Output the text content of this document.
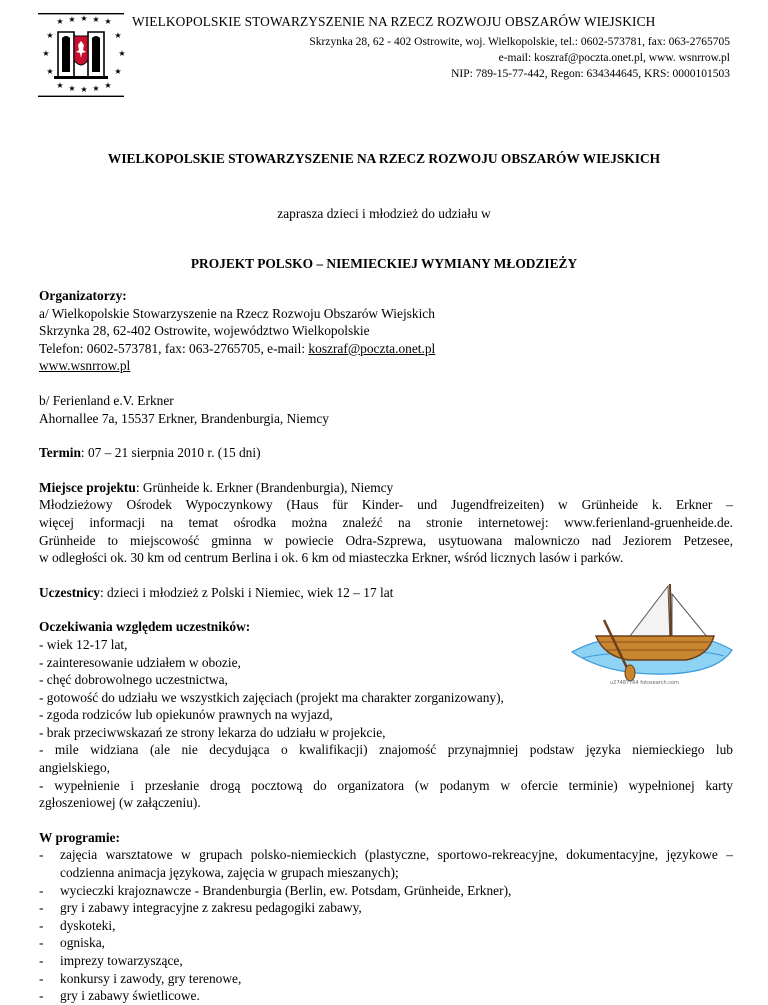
★ ★ ★ ★ ★
★	★
★	★
★	★
★ ★ ★ ★ ★
WIELKOPOLSKIE STOWARZYSZENIE NA RZECZ ROZWOJU OBSZARÓW WIEJSKICH
Skrzynka 28, 62 - 402 Ostrowite, woj. Wielkopolskie, tel.: 0602-573781, fax: 063-2765705
e-mail: koszraf@poczta.onet.pl, www. wsnrrow.pl
NIP: 789-15-77-442, Regon: 634344645, KRS: 0000101503
WIELKOPOLSKIE STOWARZYSZENIE NA RZECZ ROZWOJU OBSZARÓW WIEJSKICH
zaprasza dzieci i młodzież do udziału w
PROJEKT POLSKO – NIEMIECKIEJ WYMIANY MŁODZIEŻY

Organizatorzy:

a/ Wielkopolskie Stowarzyszenie na Rzecz Rozwoju Obszarów Wiejskich

Skrzynka 28, 62-402 Ostrowite, województwo Wielkopolskie

Telefon: 0602-573781, fax: 063-2765705, e-mail: koszraf@poczta.onet.pl

www.wsnrrow.pl

b/ Ferienland e.V. Erkner

Ahornallee 7a, 15537 Erkner, Brandenburgia, Niemcy

Termin: 07 – 21 sierpnia 2010 r. (15 dni)

Miejsce projektu: Grünheide k. Erkner (Brandenburgia), Niemcy

Młodzieżowy Ośrodek Wypoczynkowy (Haus für Kinder- und Jugendfreizeiten) w Grünheide k. Erkner –

więcej informacji na temat ośrodka można znaleźć na stronie internetowej: www.ferienland-gruenheide.de.

Grünheide to miejscowość gminna w powiecie Odra-Szprewa, usytuowana malowniczo nad Jeziorem Petzesee,

w odległości ok. 30 km od centrum Berlina i ok. 6 km od miasteczka Erkner, wśród licznych lasów i parków.

Uczestnicy: dzieci i młodzież z Polski i Niemiec, wiek 12 – 17 lat

Oczekiwania względem uczestników:

- wiek 12-17 lat,

- zainteresowanie udziałem w obozie,

- chęć dobrowolnego uczestnictwa,

- gotowość do udziału we wszystkich zajęciach (projekt ma charakter zorganizowany),

- zgoda rodziców lub opiekunów prawnych na wyjazd,

- brak przeciwwskazań ze strony lekarza do udziału w projekcie,

- mile widziana (ale nie decydująca o kwalifikacji) znajomość przynajmniej podstaw języka niemieckiego lub

angielskiego,

- wypełnienie i przesłanie drogą pocztową do organizatora (w podanym w ofercie terminie) wypełnionej karty

zgłoszeniowej (w załączeniu).

W programie:

-	zajęcia warsztatowe w grupach polsko-niemieckich (plastyczne, sportowo-rekreacyjne, dokumentacyjne, językowe – codzienna animacja językowa, zajęcia w grupach mieszanych);
-	wycieczki krajoznawcze - Brandenburgia (Berlin, ew. Potsdam, Grünheide, Erkner),
-	gry i zabawy integracyjne z zakresu pedagogiki zabawy,
-	dyskoteki,
-	ogniska,
-	imprezy towarzyszące,
-	konkursy i zawody, gry terenowe,
-	gry i zabawy świetlicowe.
u27487764 fotosearch.com
